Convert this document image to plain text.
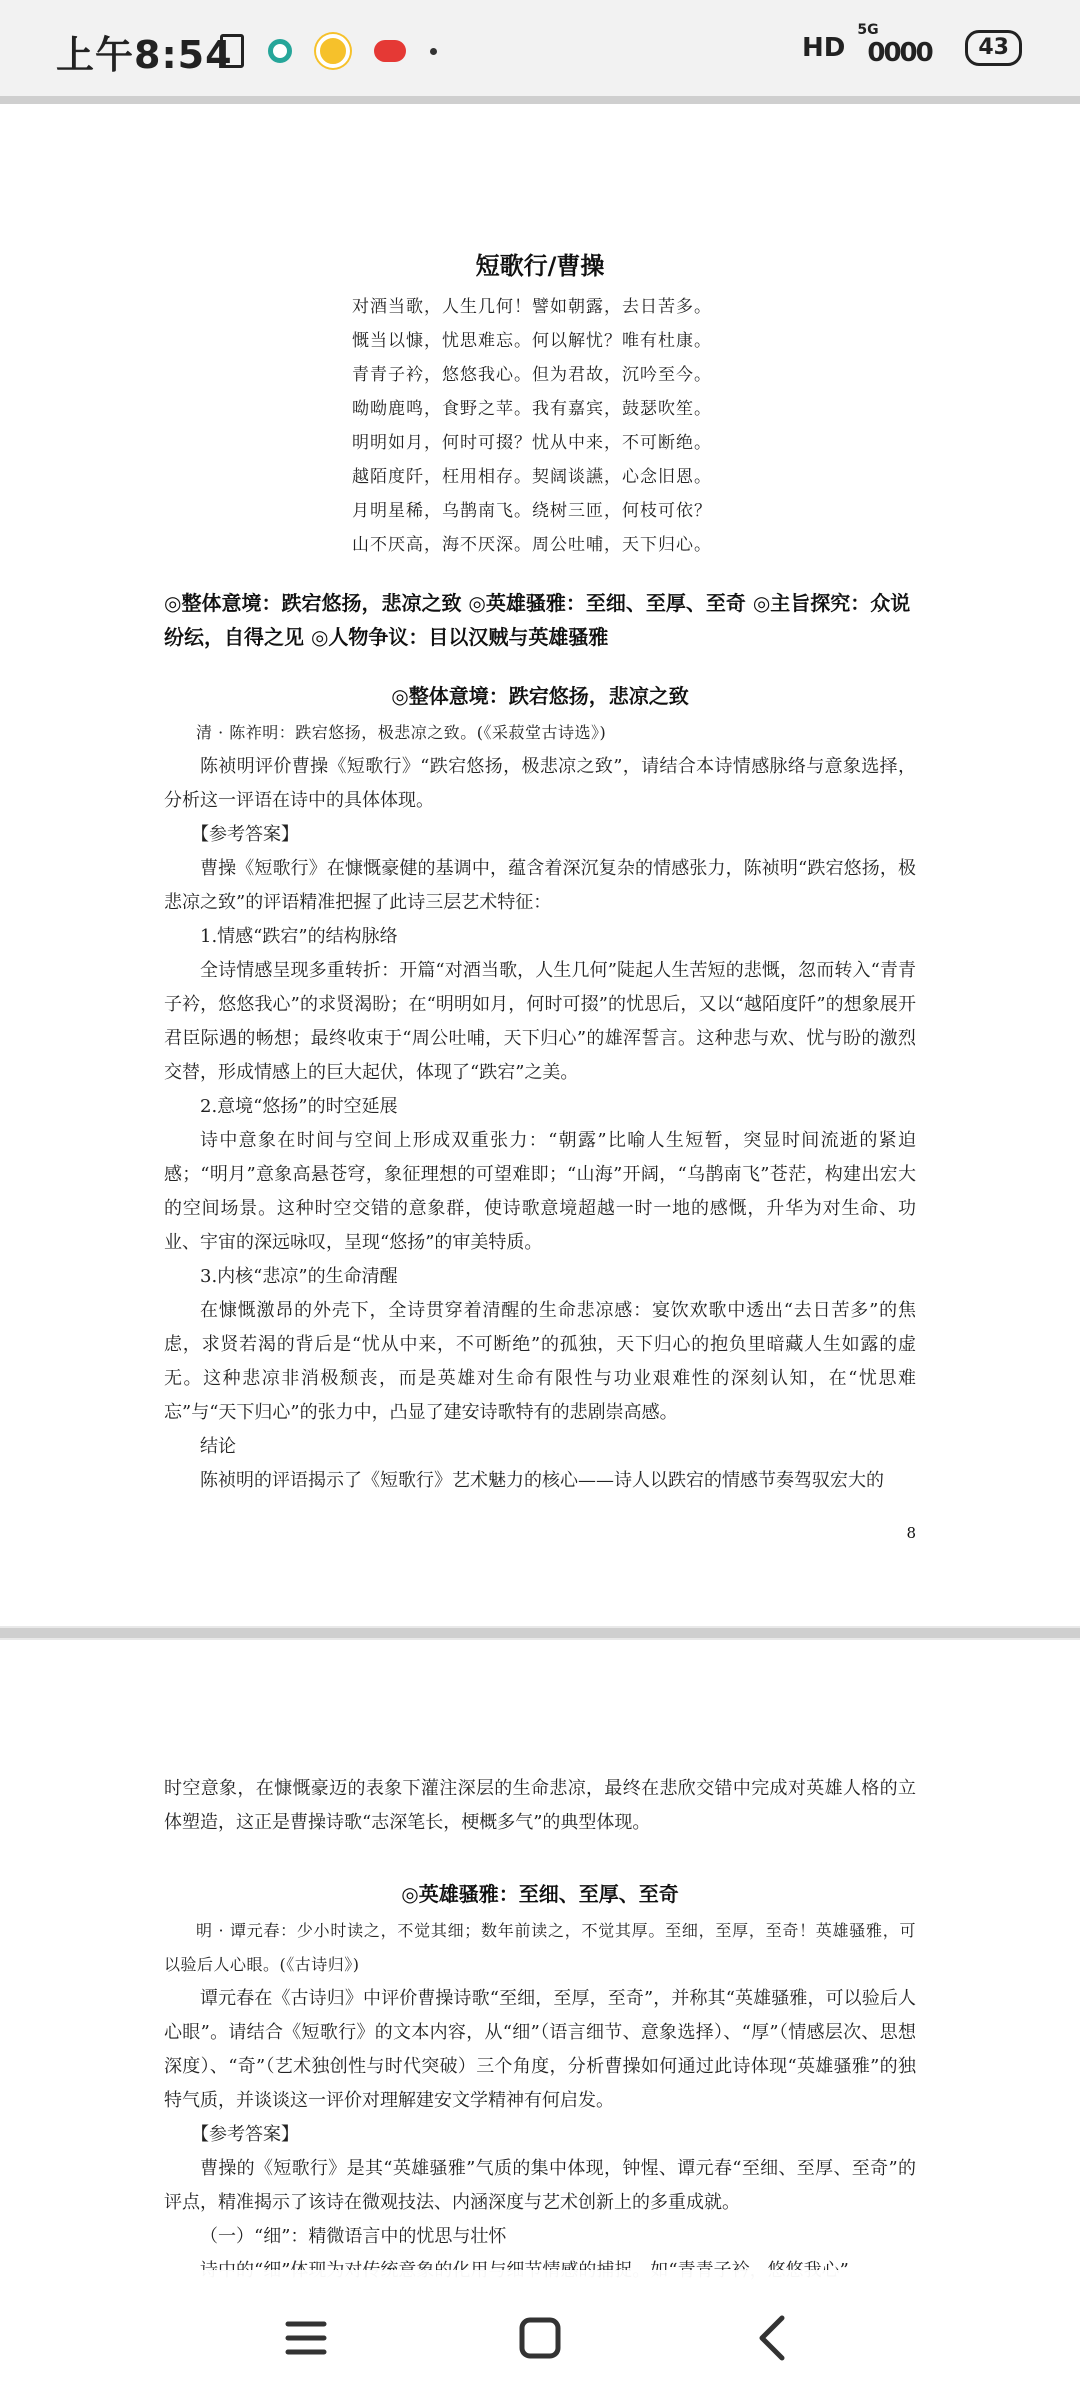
上午8:54	HD
5G
0000	43
短歌行/曹操
对酒当歌，人生几何！譬如朝露，去日苦多。
慨当以慷，忧思难忘。何以解忧？唯有杜康。
青青子衿，悠悠我心。但为君故，沉吟至今。
呦呦鹿鸣，食野之苹。我有嘉宾，鼓瑟吹笙。
明明如月，何时可掇？忧从中来，不可断绝。
越陌度阡，枉用相存。契阔谈讌，心念旧恩。
月明星稀，乌鹊南飞。绕树三匝，何枝可依？
山不厌高，海不厌深。周公吐哺，天下归心。
◎整体意境：跌宕悠扬，悲凉之致 ◎英雄骚雅：至细、至厚、至奇 ◎主旨探究：众说纷纭，自得之见 ◎人物争议：目以汉贼与英雄骚雅
◎整体意境：跌宕悠扬，悲凉之致

清 · 陈祚明：跌宕悠扬，极悲凉之致。(《采菽堂古诗选》)

陈祯明评价曹操《短歌行》“跌宕悠扬，极悲凉之致”，请结合本诗情感脉络与意象选择，分析这一评语在诗中的具体体现。

【参考答案】

曹操《短歌行》在慷慨豪健的基调中，蕴含着深沉复杂的情感张力，陈祯明“跌宕悠扬，极悲凉之致”的评语精准把握了此诗三层艺术特征：

1.情感“跌宕”的结构脉络

全诗情感呈现多重转折：开篇“对酒当歌，人生几何”陡起人生苦短的悲慨，忽而转入“青青子衿，悠悠我心”的求贤渴盼；在“明明如月，何时可掇”的忧思后，又以“越陌度阡”的想象展开君臣际遇的畅想；最终收束于“周公吐哺，天下归心”的雄浑誓言。这种悲与欢、忧与盼的激烈交替，形成情感上的巨大起伏，体现了“跌宕”之美。

2.意境“悠扬”的时空延展

诗中意象在时间与空间上形成双重张力：“朝露”比喻人生短暂，突显时间流逝的紧迫感；“明月”意象高悬苍穹，象征理想的可望难即；“山海”开阔，“乌鹊南飞”苍茫，构建出宏大的空间场景。这种时空交错的意象群，使诗歌意境超越一时一地的感慨，升华为对生命、功业、宇宙的深远咏叹，呈现“悠扬”的审美特质。

3.内核“悲凉”的生命清醒

在慷慨激昂的外壳下，全诗贯穿着清醒的生命悲凉感：宴饮欢歌中透出“去日苦多”的焦虑，求贤若渴的背后是“忧从中来，不可断绝”的孤独，天下归心的抱负里暗藏人生如露的虚无。这种悲凉非消极颓丧，而是英雄对生命有限性与功业艰难性的深刻认知，在“忧思难忘”与“天下归心”的张力中，凸显了建安诗歌特有的悲剧崇高感。

结论

陈祯明的评语揭示了《短歌行》艺术魅力的核心——诗人以跌宕的情感节奏驾驭宏大的

8

时空意象，在慷慨豪迈的表象下灌注深层的生命悲凉，最终在悲欣交错中完成对英雄人格的立体塑造，这正是曹操诗歌“志深笔长，梗概多气”的典型体现。

◎英雄骚雅：至细、至厚、至奇

明 · 谭元春：少小时读之，不觉其细；数年前读之，不觉其厚。至细，至厚，至奇！英雄骚雅，可以验后人心眼。(《古诗归》)

谭元春在《古诗归》中评价曹操诗歌“至细，至厚，至奇”，并称其“英雄骚雅，可以验后人心眼”。请结合《短歌行》的文本内容，从“细”（语言细节、意象选择）、“厚”（情感层次、思想深度）、“奇”（艺术独创性与时代突破）三个角度，分析曹操如何通过此诗体现“英雄骚雅”的独特气质，并谈谈这一评价对理解建安文学精神有何启发。

【参考答案】

曹操的《短歌行》是其“英雄骚雅”气质的集中体现，钟惺、谭元春“至细、至厚、至奇”的评点，精准揭示了该诗在微观技法、内涵深度与艺术创新上的多重成就。

（一）“细”：精微语言中的忧思与壮怀
